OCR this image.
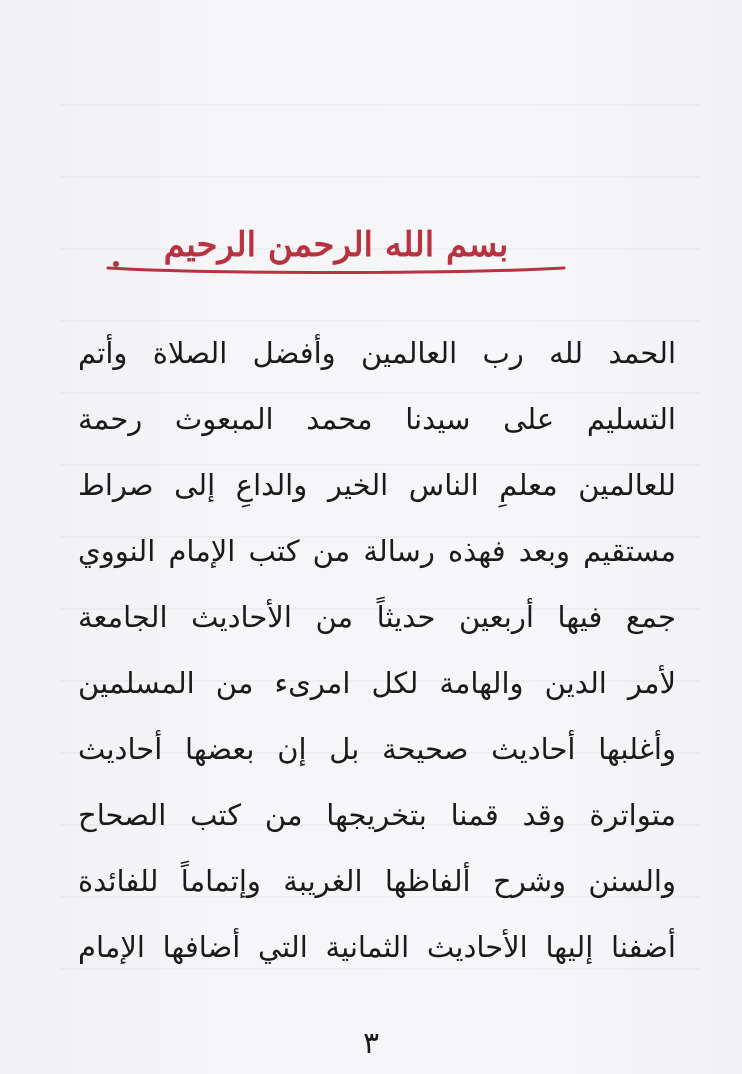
بسم الله الرحمن الرحيم
الحمد لله رب العالمين وأفضل الصلاة وأتم
التسليم على سيدنا محمد المبعوث رحمة
للعالمين معلمِ الناس الخير والداعِ إلى صراط
مستقيم وبعد فهذه رسالة من كتب الإمام النووي
جمع فيها أربعين حديثاً من الأحاديث الجامعة
لأمر الدين والهامة لكل امرىء من المسلمين
وأغلبها أحاديث صحيحة بل إن بعضها أحاديث
متواترة وقد قمنا بتخريجها من كتب الصحاح
والسنن وشرح ألفاظها الغريبة وإتماماً للفائدة
أضفنا إليها الأحاديث الثمانية التي أضافها الإمام
٣
